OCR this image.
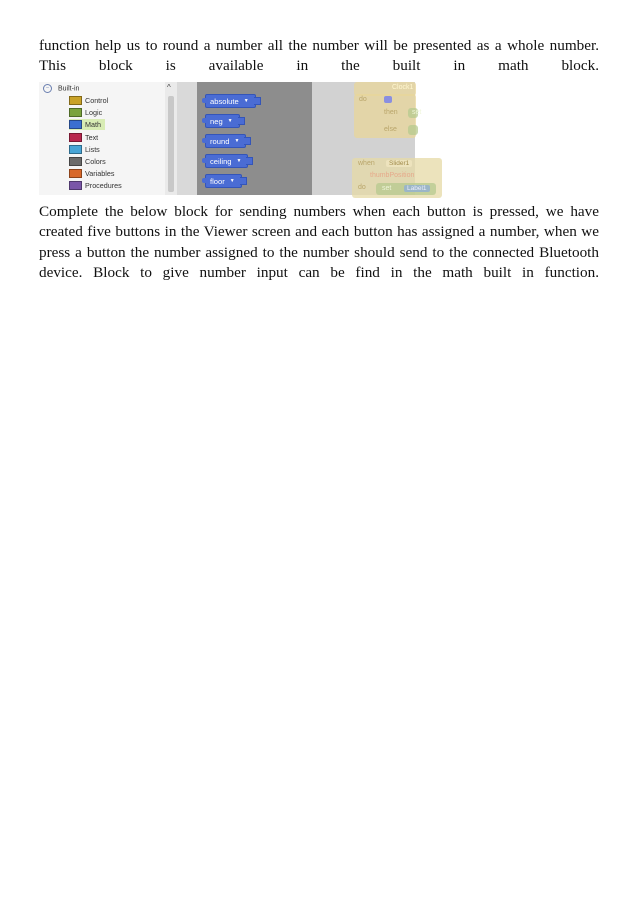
function help us to round a number all the number will be presented as a whole number. This block is available in the built in math block.
– Built-in
Control
Logic
Math
Text
Lists
Colors
Variables
Procedures
^
absolute ▼
neg ▼
round ▼
ceiling ▼
floor ▼
Clock1
do

then set
else
when	Slider1
thumbPosition
do set	Label1
Complete the below block for sending numbers when each button is pressed, we have created five buttons in the Viewer screen and each button has assigned a number, when we press a button the number assigned to the number should send to the connected Bluetooth device. Block to give number input can be find in the math built in function.
